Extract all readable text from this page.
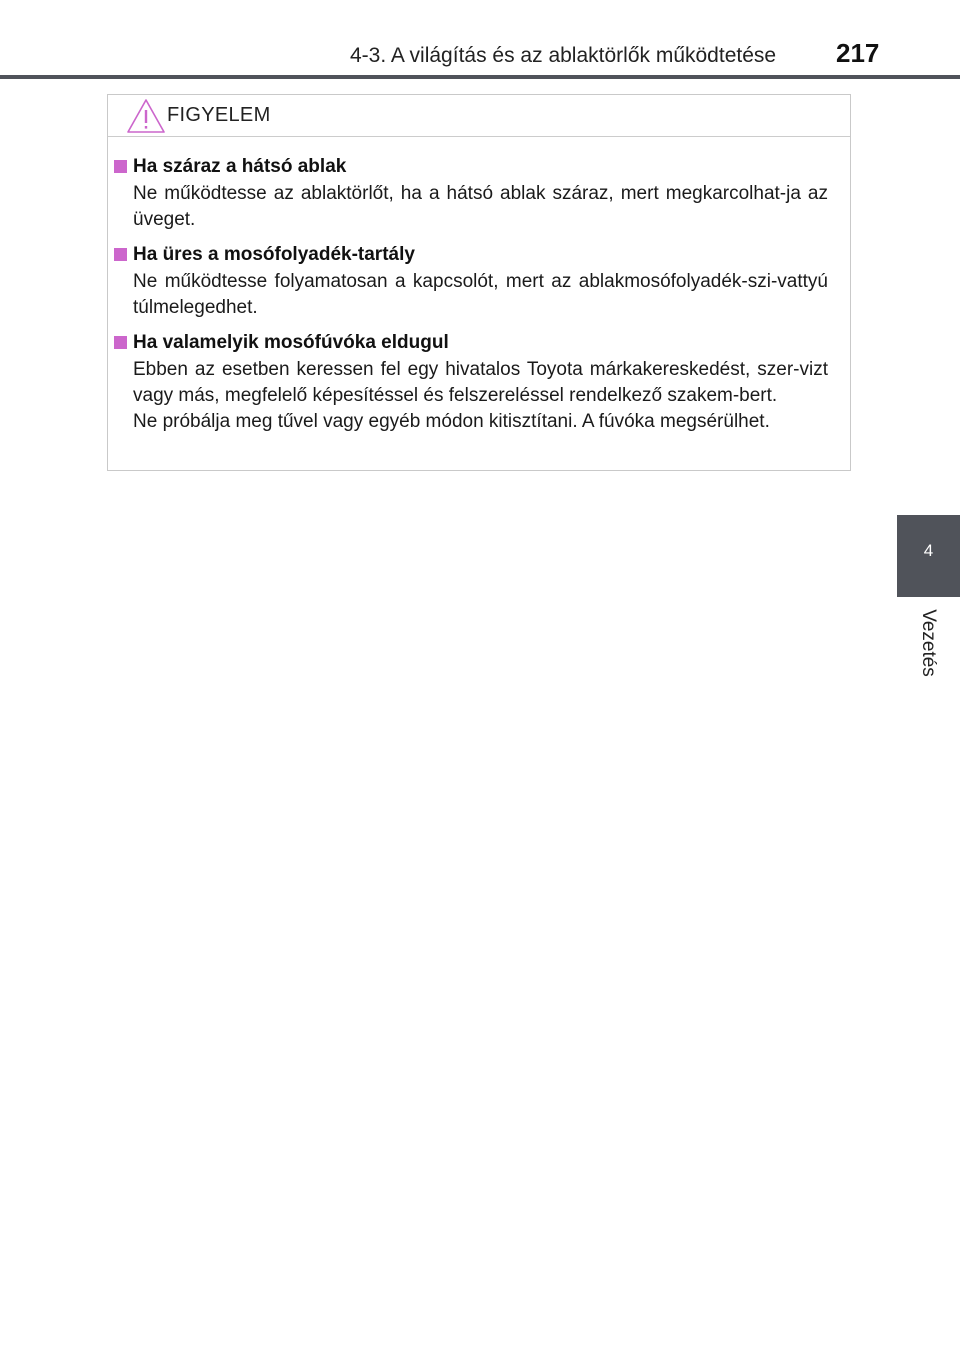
4-3. A világítás és az ablaktörlők működtetése 217
4
Vezetés
FIGYELEM
Ha száraz a hátsó ablak
Ne működtesse az ablaktörlőt, ha a hátsó ablak száraz, mert megkarcolhat-ja az üveget.
Ha üres a mosófolyadék-tartály
Ne működtesse folyamatosan a kapcsolót, mert az ablakmosófolyadék-szi-vattyú túlmelegedhet.
Ha valamelyik mosófúvóka eldugul
Ebben az esetben keressen fel egy hivatalos Toyota márkakereskedést, szer-vizt vagy más, megfelelő képesítéssel és felszereléssel rendelkező szakem-bert.
Ne próbálja meg tűvel vagy egyéb módon kitisztítani. A fúvóka megsérülhet.
